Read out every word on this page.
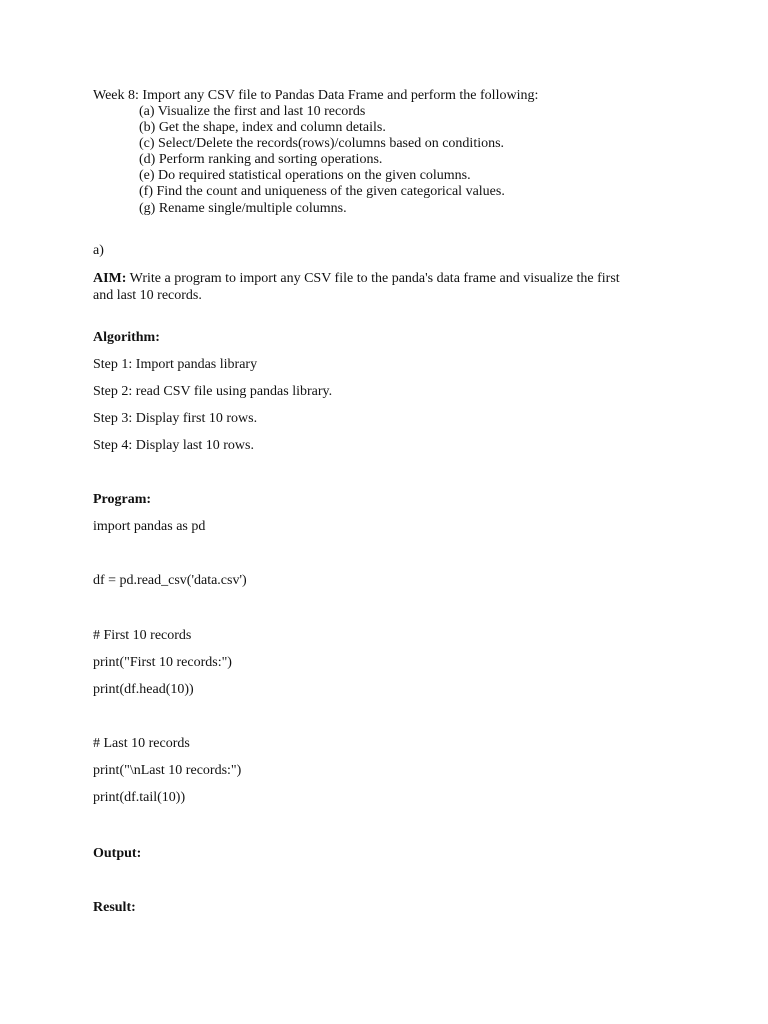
Week 8: Import any CSV file to Pandas Data Frame and perform the following:
(a) Visualize the first and last 10 records
(b) Get the shape, index and column details.
(c) Select/Delete the records(rows)/columns based on conditions.
(d) Perform ranking and sorting operations.
(e) Do required statistical operations on the given columns.
(f) Find the count and uniqueness of the given categorical values.
(g) Rename single/multiple columns.
a)
AIM: Write a program to import any CSV file to the panda's data frame and visualize the first
and last 10 records.
Algorithm:
Step 1: Import pandas library
Step 2: read CSV file using pandas library.
Step 3: Display first 10 rows.
Step 4: Display last 10 rows.
Program:
import pandas as pd
df = pd.read_csv('data.csv')
# First 10 records
print("First 10 records:")
print(df.head(10))
# Last 10 records
print("\nLast 10 records:")
print(df.tail(10))
Output:
Result:
